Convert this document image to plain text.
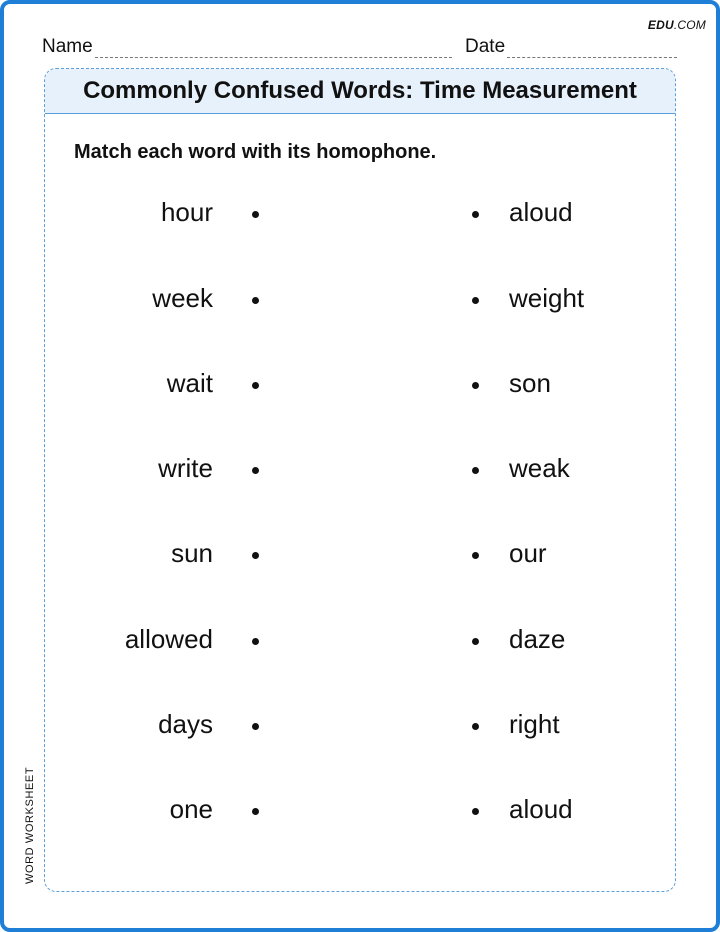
EDU.COM
Name	Date
Commonly Confused Words: Time Measurement
Match each word with its homophone.
hour	aloud
week	weight
wait	son
write	weak
sun	our
allowed	daze
days	right
one	aloud
WORD WORKSHEET
